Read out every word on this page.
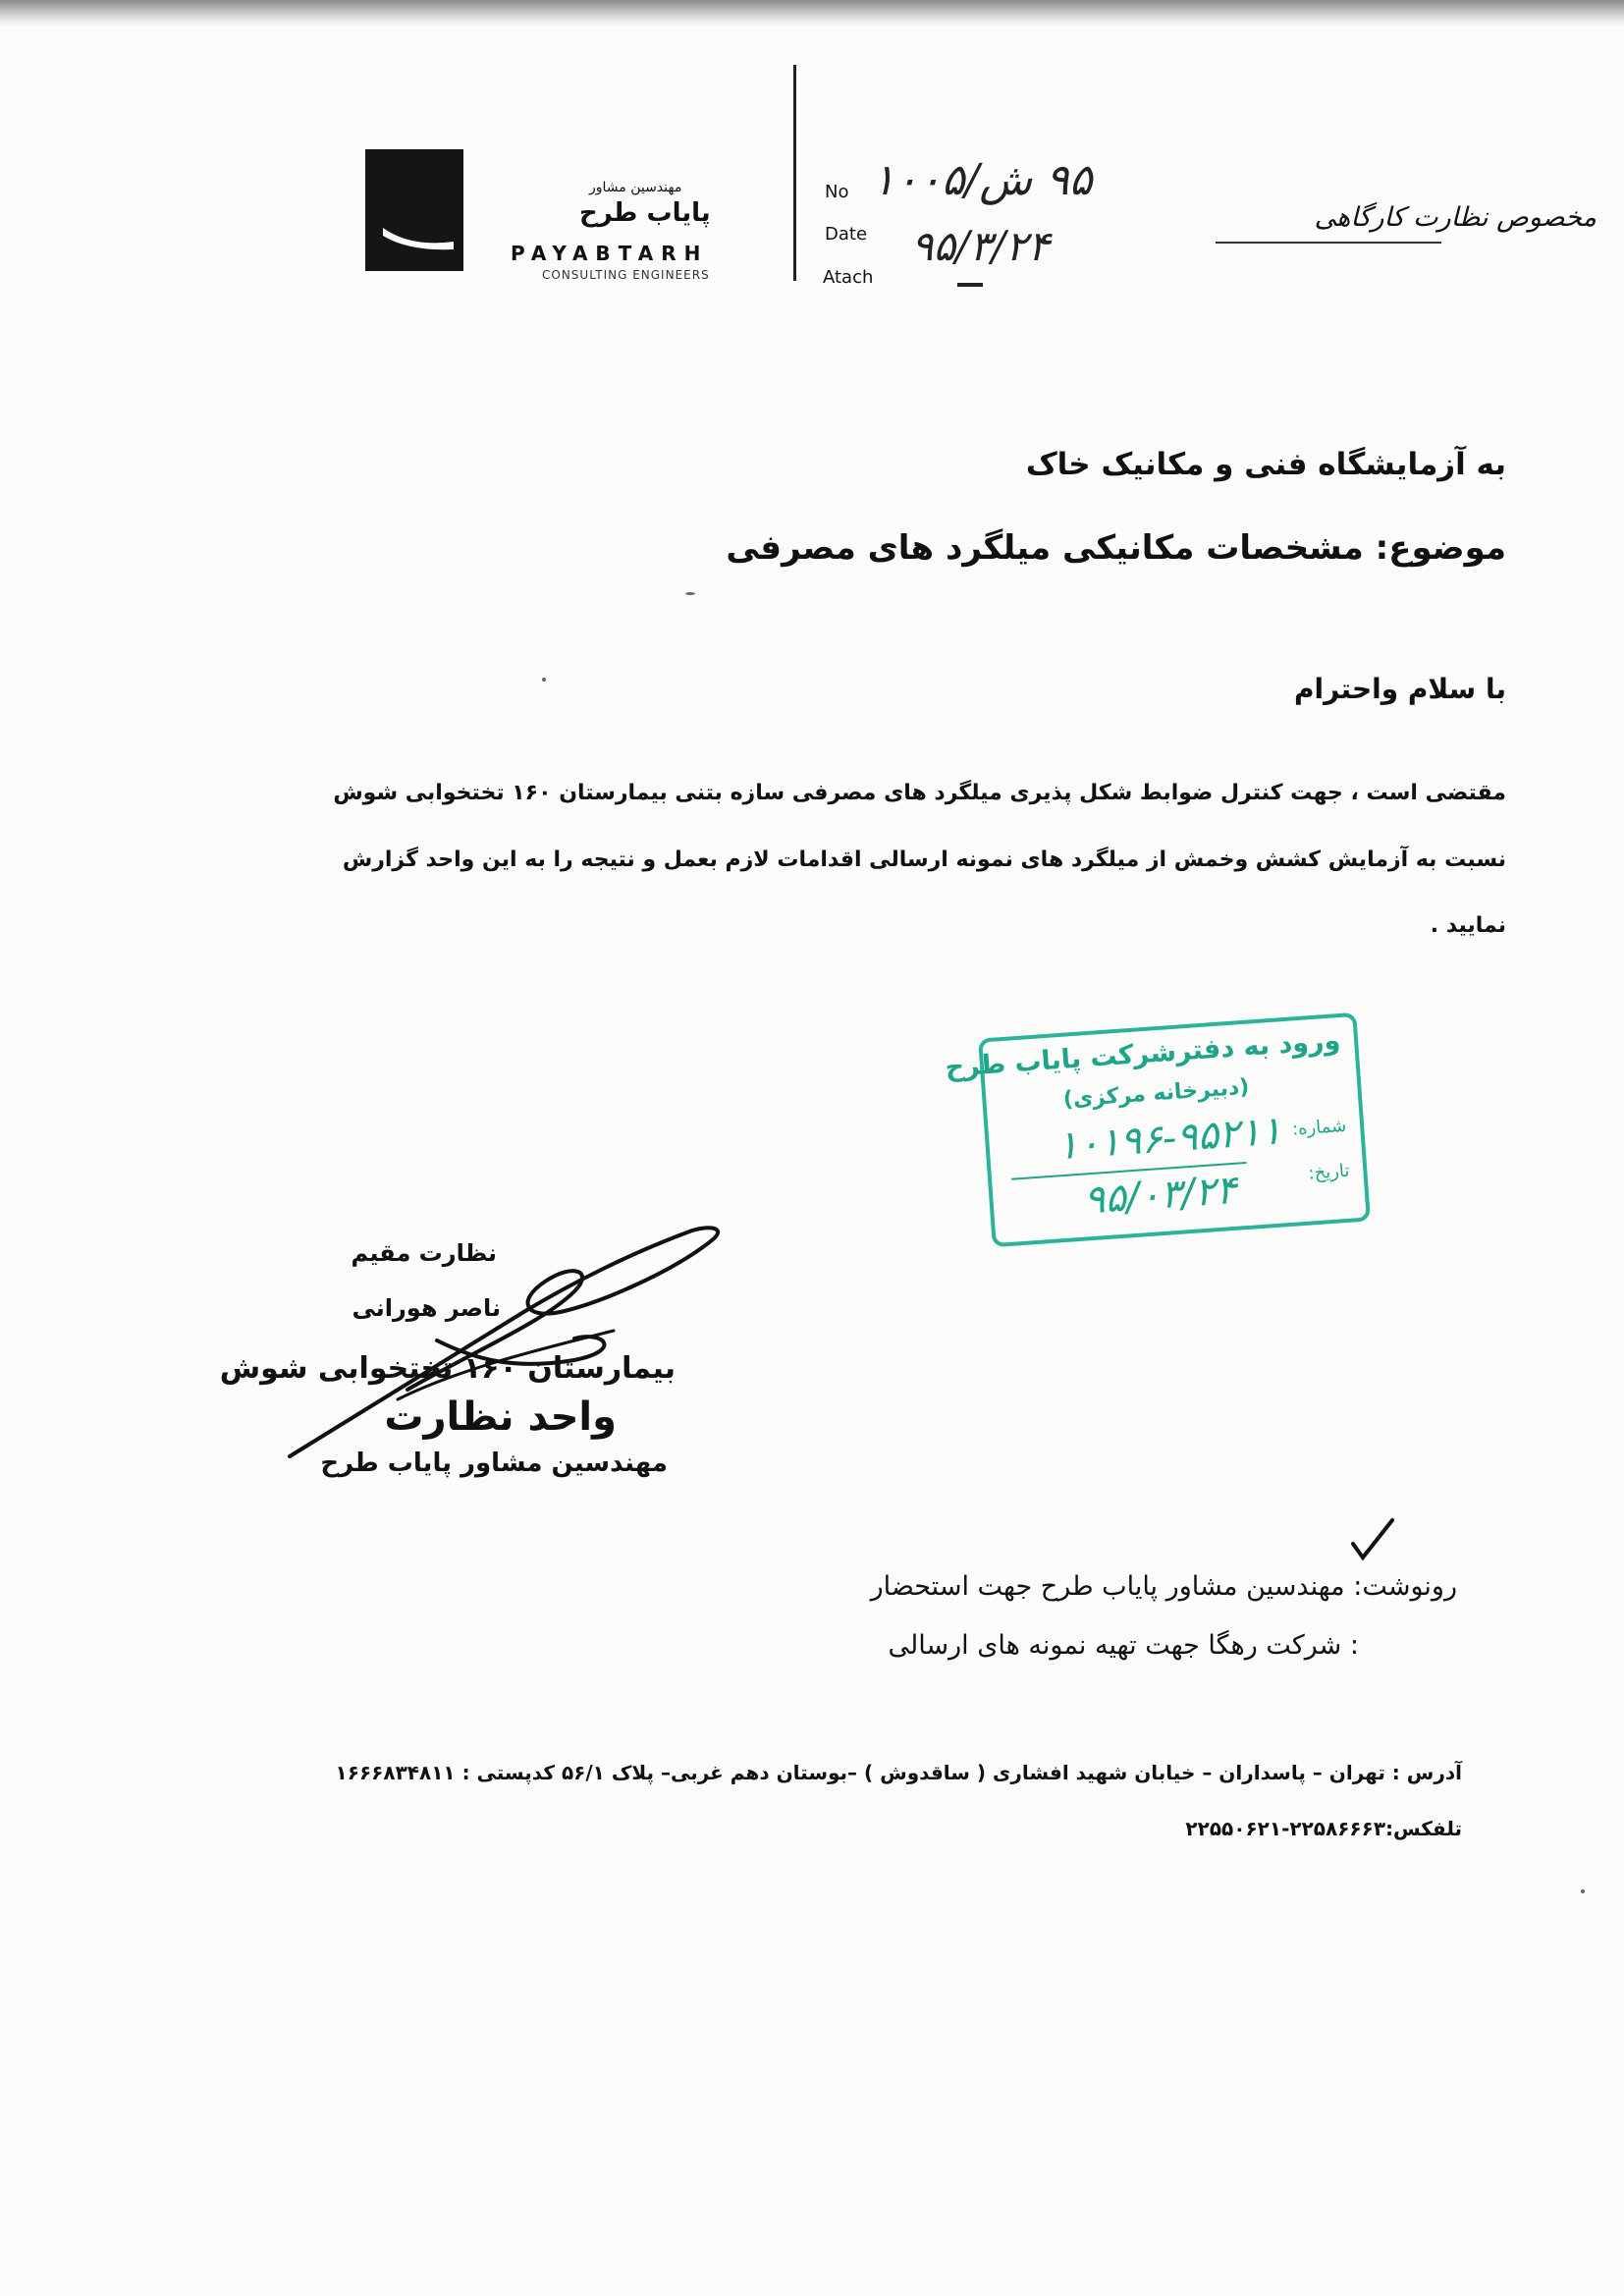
مهندسین مشاور
پایاب طرح
PAYABTARH
CONSULTING ENGINEERS
No ۹۵ ش/۱۰۰۵
Date ۹۵/۳/۲۴
Atach
مخصوص نظارت کارگاهی
به آزمایشگاه فنی و مکانیک خاک
موضوع: مشخصات مکانیکی میلگرد های مصرفی
با سلام واحترام
مقتضی است ، جهت کنترل ضوابط شکل پذیری میلگرد های مصرفی سازه بتنی بیمارستان ۱۶۰ تختخوابی شوش
نسبت به آزمایش کشش وخمش از میلگرد های نمونه ارسالی اقدامات لازم بعمل و نتیجه را به این واحد گزارش
نمایید .
ورود به دفترشرکت پایاب طرح
(دبیرخانه مرکزی)
شماره:
۱۰۱۹۶-۹۵۲۱۱
تاریخ:
۹۵/۰۳/۲۴
نظارت مقیم
ناصر هورانی
بیمارستان ۱۶۰ تختخوابی شوش
واحد نظارت
مهندسین مشاور پایاب طرح
رونوشت: مهندسین مشاور پایاب طرح جهت استحضار
: شرکت رهگا جهت تهیه نمونه های ارسالی
آدرس : تهران – پاسداران – خیابان شهید افشاری ( ساقدوش ) –بوستان دهم غربی– پلاک ۵۶/۱ کدپستی : ۱۶۶۶۸۳۴۸۱۱
تلفکس:۲۲۵۸۶۶۶۳-۲۲۵۵۰۶۲۱
